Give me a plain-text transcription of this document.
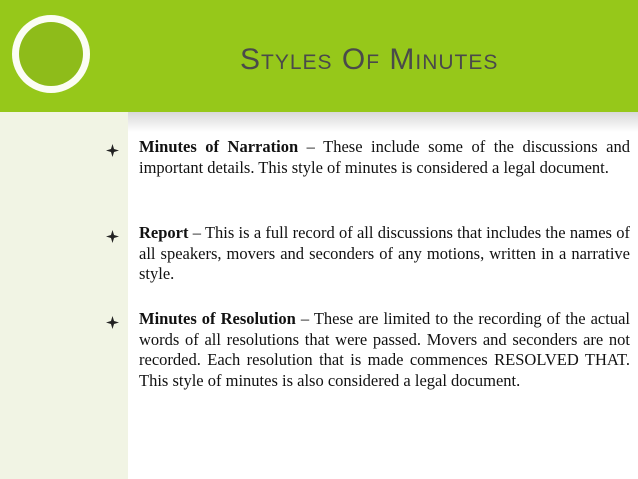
Styles Of Minutes

Minutes of Narration – These include some of the discussions and important details. This style of minutes is considered a legal document.

Report – This is a full record of all discussions that includes the names of all speakers, movers and seconders of any motions, written in a narrative style.

Minutes of Resolution – These are limited to the recording of the actual words of all resolutions that were passed. Movers and seconders are not recorded. Each resolution that is made commences RESOLVED THAT. This style of minutes is also considered a legal document.
